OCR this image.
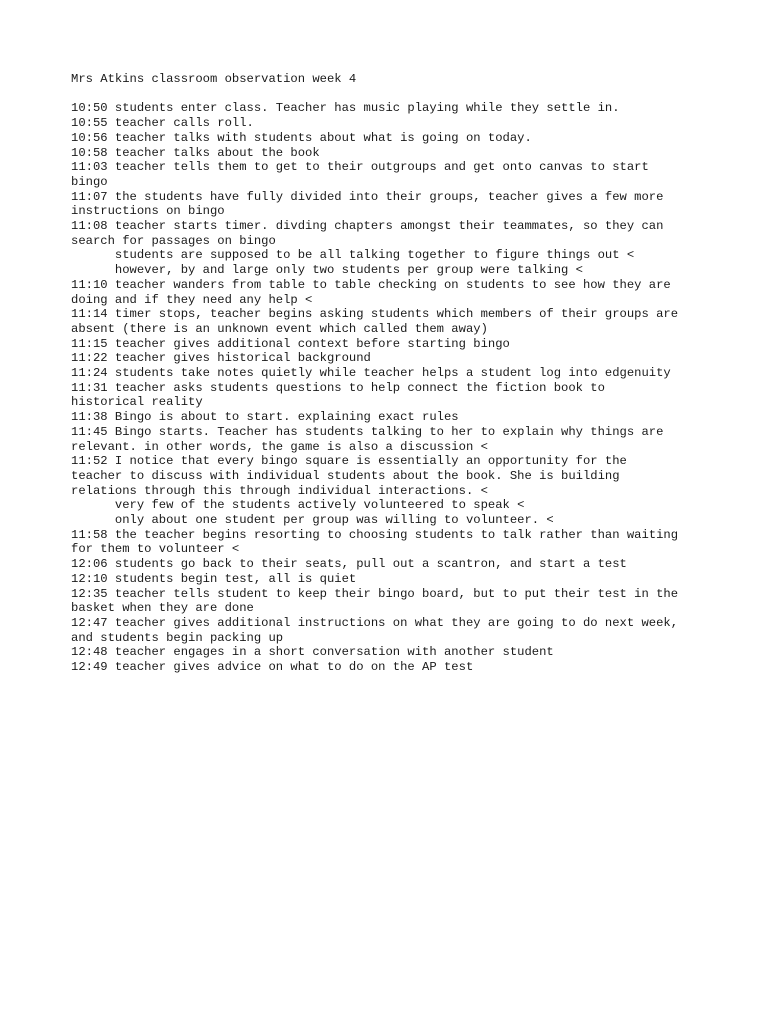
Mrs Atkins classroom observation week 4
10:50 students enter class. Teacher has music playing while they settle in.
10:55 teacher calls roll.
10:56 teacher talks with students about what is going on today.
10:58 teacher talks about the book
11:03 teacher tells them to get to their outgroups and get onto canvas to start
bingo
11:07 the students have fully divided into their groups, teacher gives a few more
instructions on bingo
11:08 teacher starts timer. divding chapters amongst their teammates, so they can
search for passages on bingo
students are supposed to be all talking together to figure things out <
however, by and large only two students per group were talking <
11:10 teacher wanders from table to table checking on students to see how they are
doing and if they need any help <
11:14 timer stops, teacher begins asking students which members of their groups are
absent (there is an unknown event which called them away)
11:15 teacher gives additional context before starting bingo
11:22 teacher gives historical background
11:24 students take notes quietly while teacher helps a student log into edgenuity
11:31 teacher asks students questions to help connect the fiction book to
historical reality
11:38 Bingo is about to start. explaining exact rules
11:45 Bingo starts. Teacher has students talking to her to explain why things are
relevant. in other words, the game is also a discussion <
11:52 I notice that every bingo square is essentially an opportunity for the
teacher to discuss with individual students about the book. She is building
relations through this through individual interactions. <
very few of the students actively volunteered to speak <
only about one student per group was willing to volunteer. <
11:58 the teacher begins resorting to choosing students to talk rather than waiting
for them to volunteer <
12:06 students go back to their seats, pull out a scantron, and start a test
12:10 students begin test, all is quiet
12:35 teacher tells student to keep their bingo board, but to put their test in the
basket when they are done
12:47 teacher gives additional instructions on what they are going to do next week,
and students begin packing up
12:48 teacher engages in a short conversation with another student
12:49 teacher gives advice on what to do on the AP test
